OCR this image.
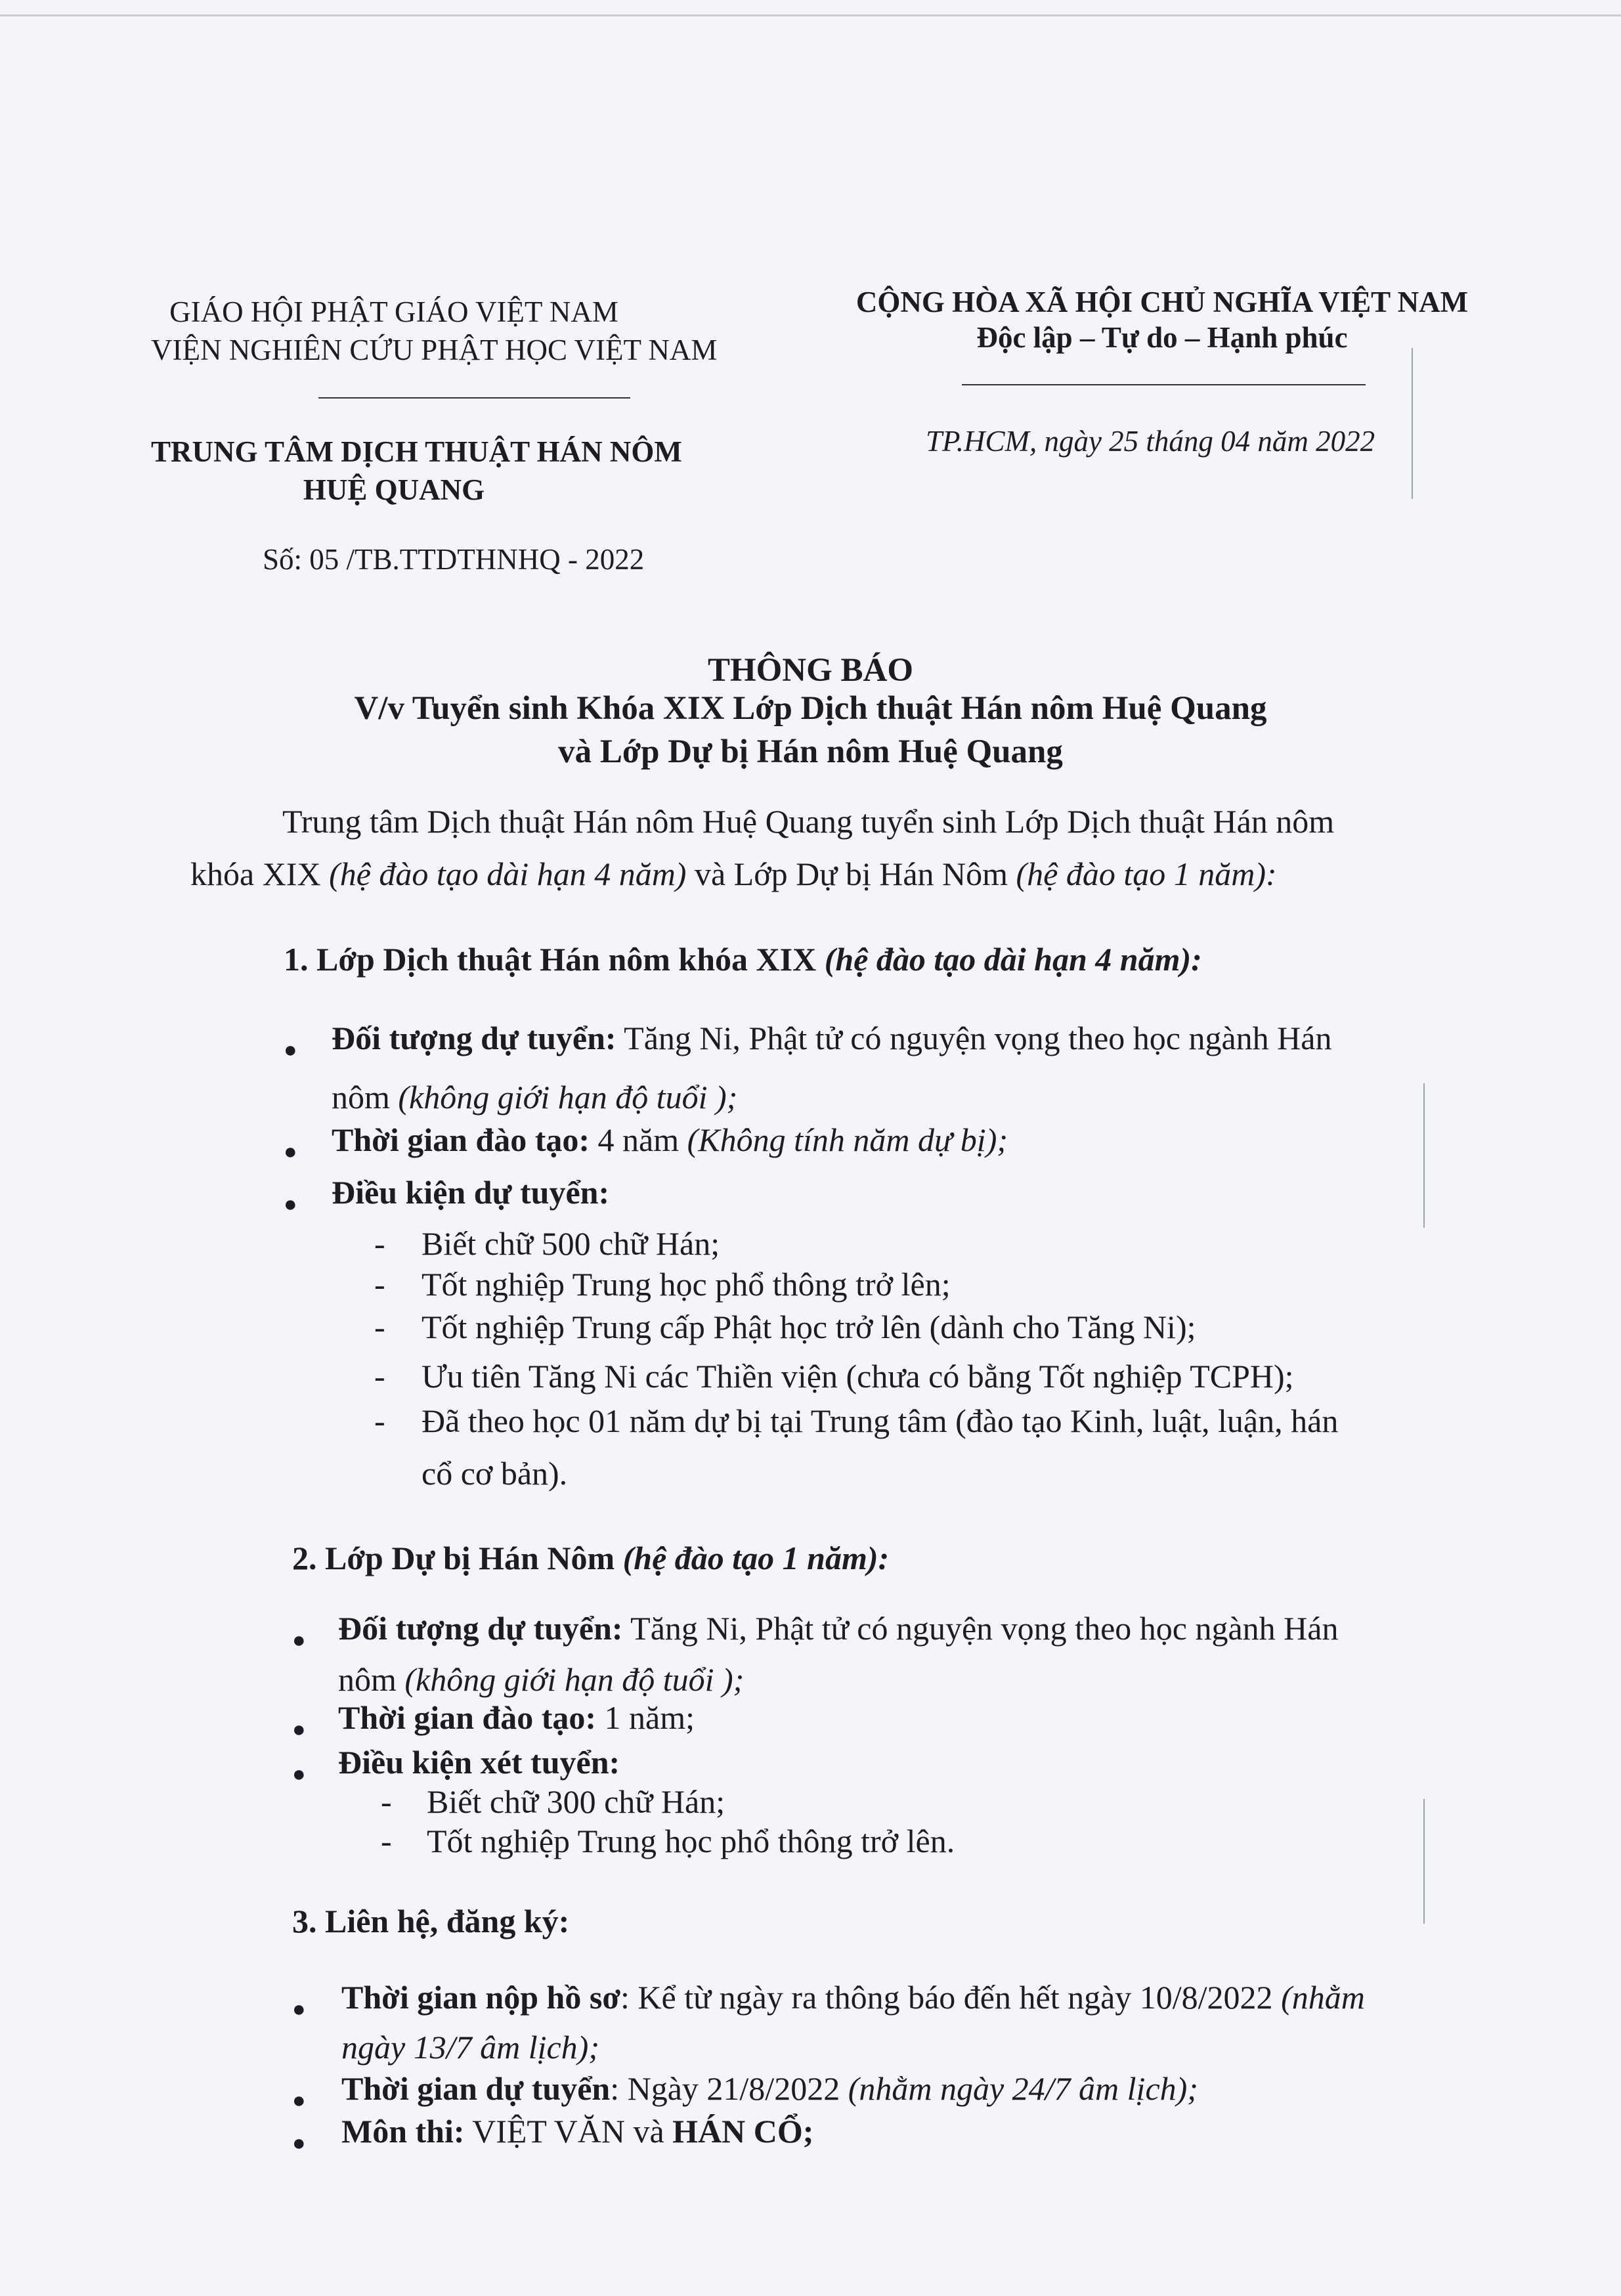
GIÁO HỘI PHẬT GIÁO VIỆT NAM
VIỆN NGHIÊN CỨU PHẬT HỌC VIỆT NAM
TRUNG TÂM DỊCH THUẬT HÁN NÔM
HUỆ QUANG
Số: 05 /TB.TTDTHNHQ - 2022
CỘNG HÒA XÃ HỘI CHỦ NGHĨA VIỆT NAM
Độc lập – Tự do – Hạnh phúc
TP.HCM, ngày 25 tháng 04 năm 2022
THÔNG BÁO
V/v Tuyển sinh Khóa XIX Lớp Dịch thuật Hán nôm Huệ Quang
và Lớp Dự bị Hán nôm Huệ Quang
Trung tâm Dịch thuật Hán nôm Huệ Quang tuyển sinh Lớp Dịch thuật Hán nôm
khóa XIX (hệ đào tạo dài hạn 4 năm) và Lớp Dự bị Hán Nôm (hệ đào tạo 1 năm):
1. Lớp Dịch thuật Hán nôm khóa XIX (hệ đào tạo dài hạn 4 năm):
● Đối tượng dự tuyển: Tăng Ni, Phật tử có nguyện vọng theo học ngành Hán
nôm (không giới hạn độ tuổi );
● Thời gian đào tạo: 4 năm (Không tính năm dự bị);
● Điều kiện dự tuyển:
- Biết chữ 500 chữ Hán;
- Tốt nghiệp Trung học phổ thông trở lên;
- Tốt nghiệp Trung cấp Phật học trở lên (dành cho Tăng Ni);
- Ưu tiên Tăng Ni các Thiền viện (chưa có bằng Tốt nghiệp TCPH);
- Đã theo học 01 năm dự bị tại Trung tâm (đào tạo Kinh, luật, luận, hán
cổ cơ bản).
2. Lớp Dự bị Hán Nôm (hệ đào tạo 1 năm):
● Đối tượng dự tuyển: Tăng Ni, Phật tử có nguyện vọng theo học ngành Hán
nôm (không giới hạn độ tuổi );
● Thời gian đào tạo: 1 năm;
● Điều kiện xét tuyển:
- Biết chữ 300 chữ Hán;
- Tốt nghiệp Trung học phổ thông trở lên.
3. Liên hệ, đăng ký:
● Thời gian nộp hồ sơ: Kể từ ngày ra thông báo đến hết ngày 10/8/2022 (nhằm
ngày 13/7 âm lịch);
● Thời gian dự tuyển: Ngày 21/8/2022 (nhằm ngày 24/7 âm lịch);
● Môn thi: VIỆT VĂN và HÁN CỔ;
